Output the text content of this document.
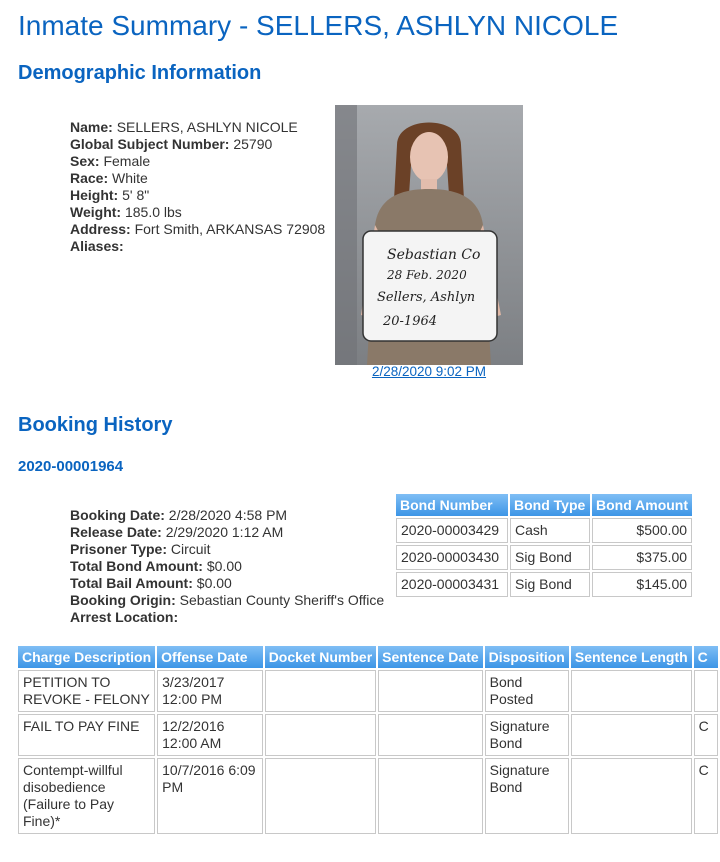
Inmate Summary - SELLERS, ASHLYN NICOLE
Demographic Information
Name: SELLERS, ASHLYN NICOLE
Global Subject Number: 25790
Sex: Female
Race: White
Height: 5' 8"
Weight: 185.0 lbs
Address: Fort Smith, ARKANSAS 72908
Aliases:
Sebastian Co
28 Feb. 2020
Sellers, Ashlyn
20-1964
2/28/2020 9:02 PM
Booking History
2020-00001964
Booking Date: 2/28/2020 4:58 PM
Release Date: 2/29/2020 1:12 AM
Prisoner Type: Circuit
Total Bond Amount: $0.00
Total Bail Amount: $0.00
Booking Origin: Sebastian County Sheriff's Office
Arrest Location:
Bond Number	Bond Type	Bond Amount
2020-00003429	Cash	$500.00
2020-00003430	Sig Bond	$375.00
2020-00003431	Sig Bond	$145.00
Charge Description	Offense Date	Docket Number	Sentence Date	Disposition	Sentence Length	C
PETITION TO REVOKE - FELONY	3/23/2017 12:00 PM			Bond Posted		
FAIL TO PAY FINE	12/2/2016 12:00 AM			Signature Bond		C
Contempt-willful disobedience (Failure to Pay Fine)*	10/7/2016 6:09 PM			Signature Bond		C
